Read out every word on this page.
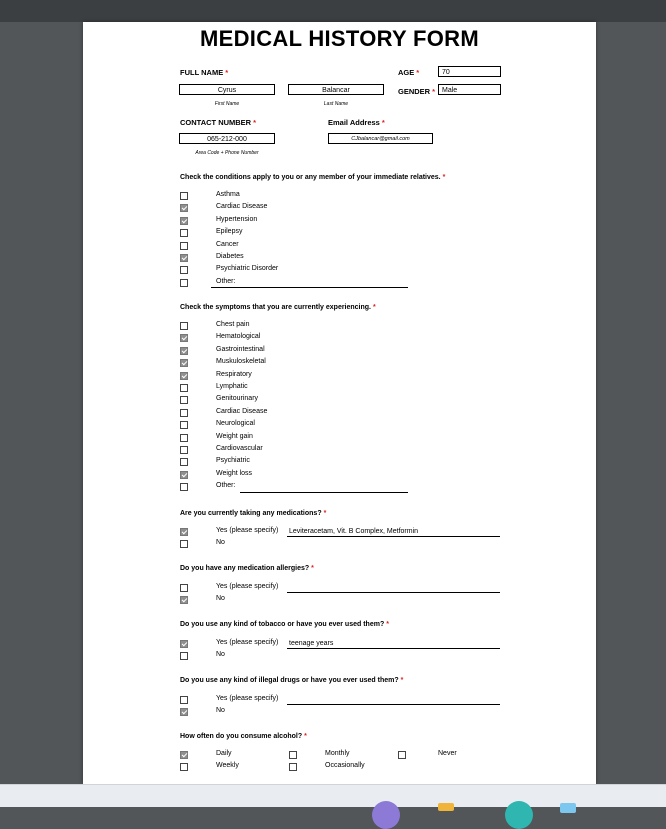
MEDICAL HISTORY FORM
FULL NAME *
Cyrus
First Name
Balancar
Last Name
AGE *	70
GENDER * Male
CONTACT NUMBER *
065-212-000
Area Code + Phone Number
Email Address *
CJbalancar@gmail.com
Check the conditions apply to you or any member of your immediate relatives. *
Asthma
Cardiac Disease
Hypertension
Epilepsy
Cancer
Diabetes
Psychiatric Disorder
Other:
Check the symptoms that you are currently experiencing. *
Chest pain
Hematological
Gastrointestinal
Muskuloskeletal
Respiratory
Lymphatic
Genitourinary
Cardiac Disease
Neurological
Weight gain
Cardiovascular
Psychiatric
Weight loss
Other:
Are you currently taking any medications? *
Yes (please specify) Leviteracetam, Vit. B Complex, Metformin
No
Do you have any medication allergies? *
Yes (please specify)
No
Do you use any kind of tobacco or have you ever used them? *
Yes (please specify) teenage years
No
Do you use any kind of illegal drugs or have you ever used them? *
Yes (please specify)
No
How often do you consume alcohol? *
Daily
Weekly
Monthly
Occasionally
Never
